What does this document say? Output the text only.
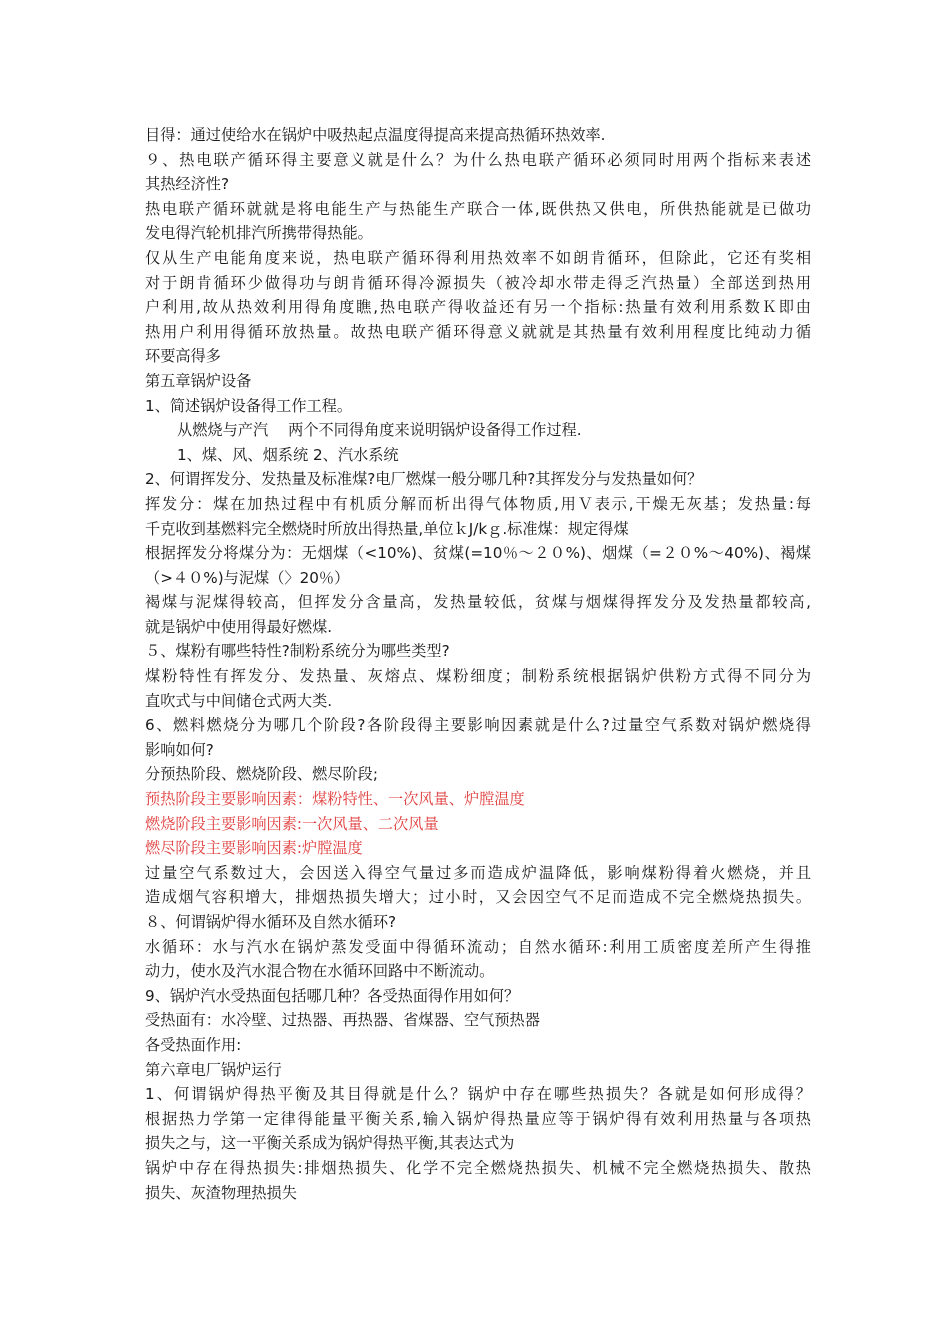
目得：通过使给水在锅炉中吸热起点温度得提高来提高热循环热效率.
９、热电联产循环得主要意义就是什么？为什么热电联产循环必须同时用两个指标来表述
其热经济性?
热电联产循环就就是将电能生产与热能生产联合一体,既供热又供电，所供热能就是已做功
发电得汽轮机排汽所携带得热能。
仅从生产电能角度来说，热电联产循环得利用热效率不如朗肯循环，但除此，它还有奖相
对于朗肯循环少做得功与朗肯循环得冷源损失（被冷却水带走得乏汽热量）全部送到热用
户利用,故从热效利用得角度瞧,热电联产得收益还有另一个指标:热量有效利用系数Ｋ即由
热用户利用得循环放热量。故热电联产循环得意义就就是其热量有效利用程度比纯动力循
环要高得多
第五章锅炉设备
1、简述锅炉设备得工作工程。
从燃烧与产汽　 两个不同得角度来说明锅炉设备得工作过程.
1、煤、风、烟系统 2、汽水系统
2、何谓挥发分、发热量及标准煤?电厂燃煤一般分哪几种?其挥发分与发热量如何？
挥发分：煤在加热过程中有机质分解而析出得气体物质,用Ｖ表示,干燥无灰基；发热量:每
千克收到基燃料完全燃烧时所放出得热量,单位ｋJ/kｇ.标准煤：规定得煤
根据挥发分将煤分为：无烟煤（<10%)、贫煤(=10％～２０%)、烟煤（=２０%～40%)、褐煤
（>４０%)与泥煤（〉20％）
褐煤与泥煤得较高，但挥发分含量高，发热量较低，贫煤与烟煤得挥发分及发热量都较高,
就是锅炉中使用得最好燃煤.
５、煤粉有哪些特性?制粉系统分为哪些类型?
煤粉特性有挥发分、发热量、灰熔点、煤粉细度；制粉系统根据锅炉供粉方式得不同分为
直吹式与中间储仓式两大类.
6、燃料燃烧分为哪几个阶段?各阶段得主要影响因素就是什么?过量空气系数对锅炉燃烧得
影响如何?
分预热阶段、燃烧阶段、燃尽阶段;
预热阶段主要影响因素：煤粉特性、一次风量、炉膛温度
燃烧阶段主要影响因素:一次风量、二次风量
燃尽阶段主要影响因素:炉膛温度
过量空气系数过大，会因送入得空气量过多而造成炉温降低，影响煤粉得着火燃烧，并且
造成烟气容积增大，排烟热损失增大；过小时，又会因空气不足而造成不完全燃烧热损失。
８、何谓锅炉得水循环及自然水循环?
水循环：水与汽水在锅炉蒸发受面中得循环流动；自然水循环:利用工质密度差所产生得推
动力，使水及汽水混合物在水循环回路中不断流动。
9、锅炉汽水受热面包括哪几种？各受热面得作用如何？
受热面有：水冷壁、过热器、再热器、省煤器、空气预热器
各受热面作用:
第六章电厂锅炉运行
1、何谓锅炉得热平衡及其目得就是什么？锅炉中存在哪些热损失？各就是如何形成得？
根据热力学第一定律得能量平衡关系,输入锅炉得热量应等于锅炉得有效利用热量与各项热
损失之与，这一平衡关系成为锅炉得热平衡,其表达式为
锅炉中存在得热损失:排烟热损失、化学不完全燃烧热损失、机械不完全燃烧热损失、散热
损失、灰渣物理热损失
